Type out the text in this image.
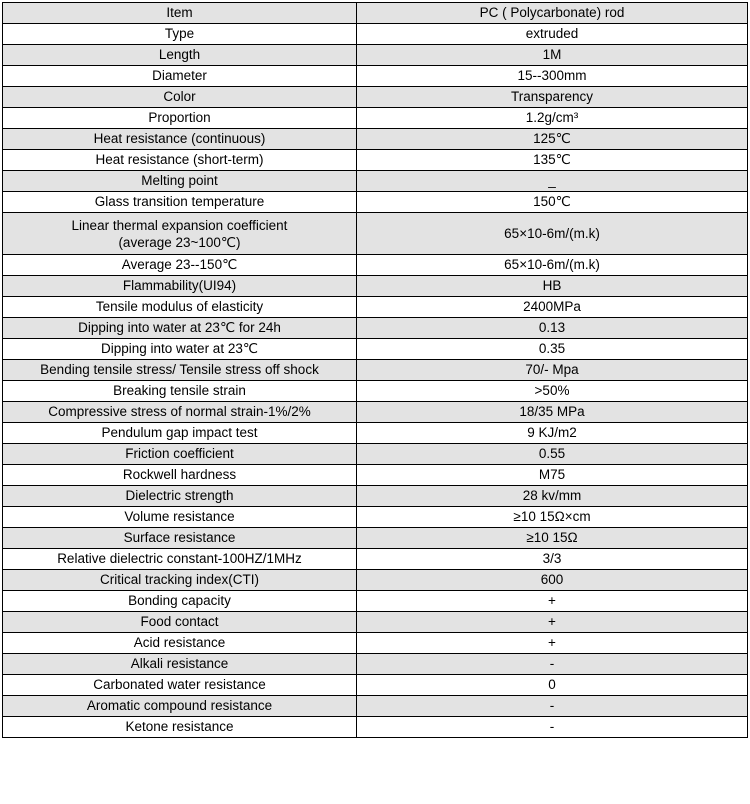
Item	PC ( Polycarbonate) rod
Type	extruded
Length	1M
Diameter	15--300mm
Color	Transparency
Proportion	1.2g/cm³
Heat resistance (continuous)	125℃
Heat resistance (short-term)	135℃
Melting point	_
Glass transition temperature	150℃
Linear thermal expansion coefficient
(average 23~100℃)	65×10-6m/(m.k)
Average 23--150℃	65×10-6m/(m.k)
Flammability(UI94)	HB
Tensile modulus of elasticity	2400MPa
Dipping into water at 23℃ for 24h	0.13
Dipping into water at 23℃	0.35
Bending tensile stress/ Tensile stress off shock	70/- Mpa
Breaking tensile strain	>50%
Compressive stress of normal strain-1%/2%	18/35 MPa
Pendulum gap impact test	9 KJ/m2
Friction coefficient	0.55
Rockwell hardness	M75
Dielectric strength	28 kv/mm
Volume resistance	≥10 15Ω×cm
Surface resistance	≥10 15Ω
Relative dielectric constant-100HZ/1MHz	3/3
Critical tracking index(CTI)	600
Bonding capacity	+
Food contact	+
Acid resistance	+
Alkali resistance	-
Carbonated water resistance	0
Aromatic compound resistance	-
Ketone resistance	-
